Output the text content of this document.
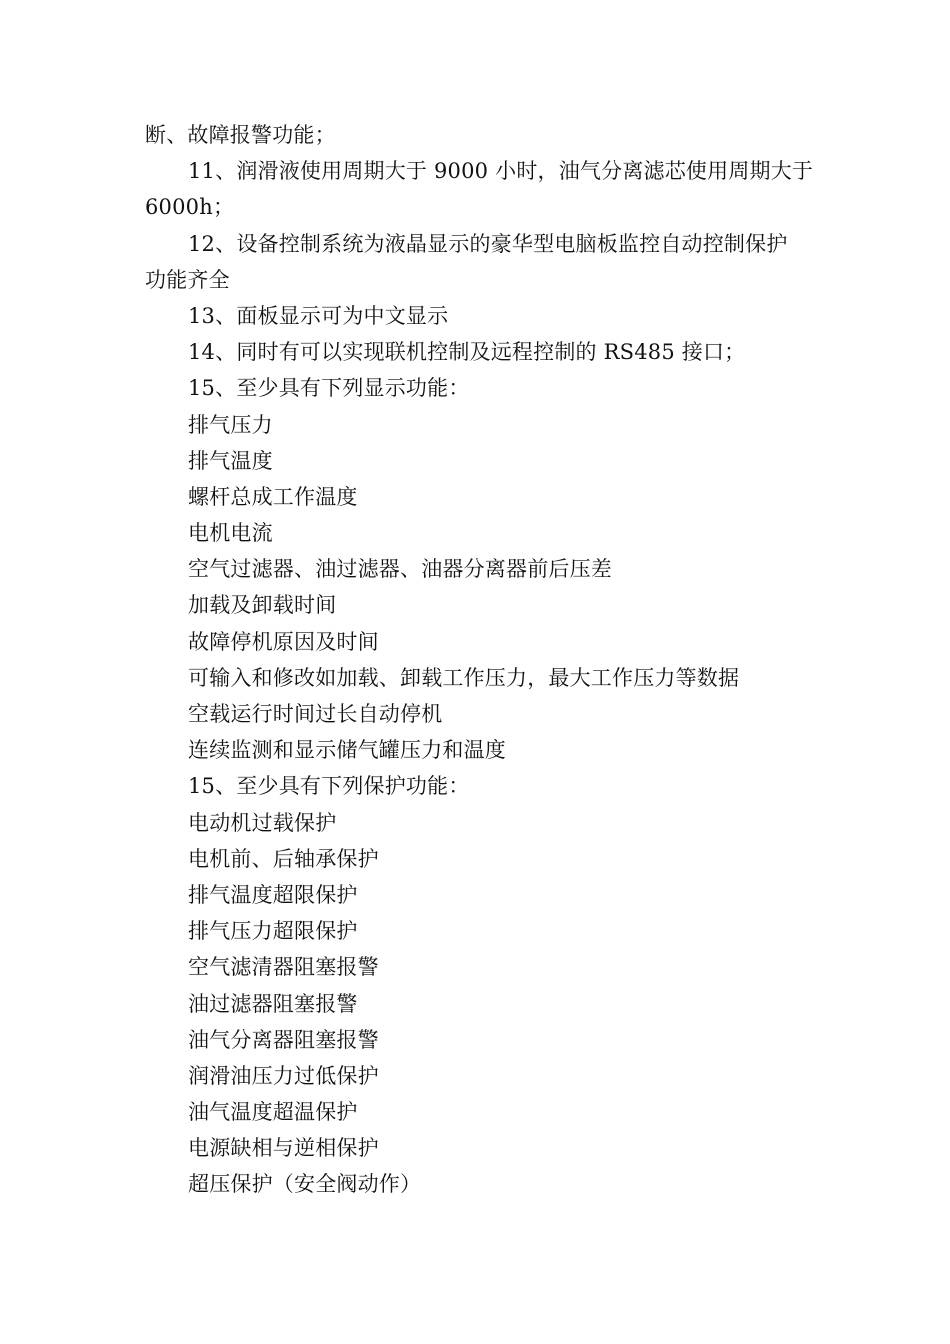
断、故障报警功能；
11、润滑液使用周期大于 9000 小时，油气分离滤芯使用周期大于
6000h；
12、设备控制系统为液晶显示的豪华型电脑板监控自动控制保护
功能齐全
13、面板显示可为中文显示
14、同时有可以实现联机控制及远程控制的 RS485 接口；
15、至少具有下列显示功能：
排气压力
排气温度
螺杆总成工作温度
电机电流
空气过滤器、油过滤器、油器分离器前后压差
加载及卸载时间
故障停机原因及时间
可输入和修改如加载、卸载工作压力，最大工作压力等数据
空载运行时间过长自动停机
连续监测和显示储气罐压力和温度
15、至少具有下列保护功能：
电动机过载保护
电机前、后轴承保护
排气温度超限保护
排气压力超限保护
空气滤清器阻塞报警
油过滤器阻塞报警
油气分离器阻塞报警
润滑油压力过低保护
油气温度超温保护
电源缺相与逆相保护
超压保护（安全阀动作）
